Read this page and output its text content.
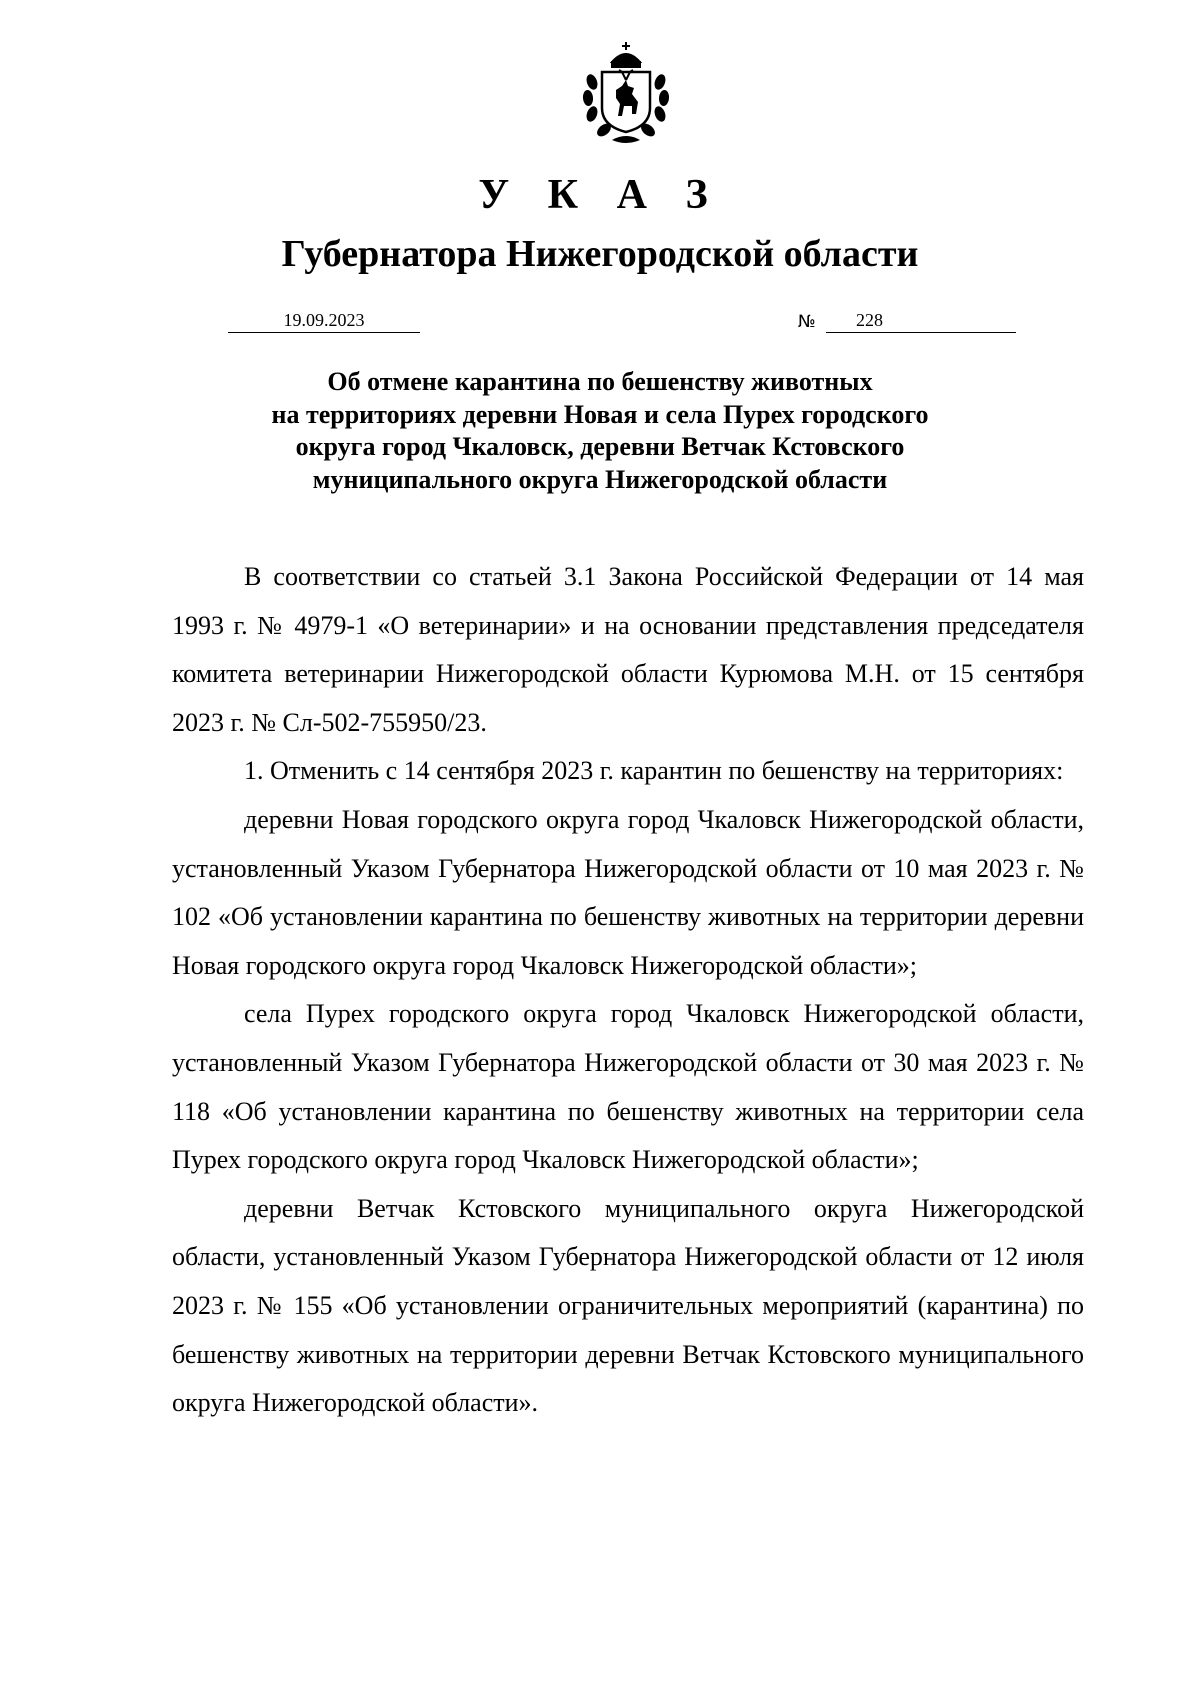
У К А З
Губернатора Нижегородской области
19.09.2023	№ 228
Об отмене карантина по бешенству животных
на территориях деревни Новая и села Пурех городского
округа город Чкаловск, деревни Ветчак Кстовского
муниципального округа Нижегородской области

В соответствии со статьей 3.1 Закона Российской Федерации от 14 мая 1993 г. № 4979-1 «О ветеринарии» и на основании представления председателя комитета ветеринарии Нижегородской области Курюмова М.Н. от 15 сентября 2023 г. № Сл-502-755950/23.

1. Отменить с 14 сентября 2023 г. карантин по бешенству на территориях:

деревни Новая городского округа город Чкаловск Нижегородской области, установленный Указом Губернатора Нижегородской области от 10 мая 2023 г. № 102 «Об установлении карантина по бешенству животных на территории деревни Новая городского округа город Чкаловск Нижегородской области»;

села Пурех городского округа город Чкаловск Нижегородской области, установленный Указом Губернатора Нижегородской области от 30 мая 2023 г. № 118 «Об установлении карантина по бешенству животных на территории села Пурех городского округа город Чкаловск Нижегородской области»;

деревни Ветчак Кстовского муниципального округа Нижегородской области, установленный Указом Губернатора Нижегородской области от 12 июля 2023 г. № 155 «Об установлении ограничительных мероприятий (карантина) по бешенству животных на территории деревни Ветчак Кстовского муниципального округа Нижегородской области».
